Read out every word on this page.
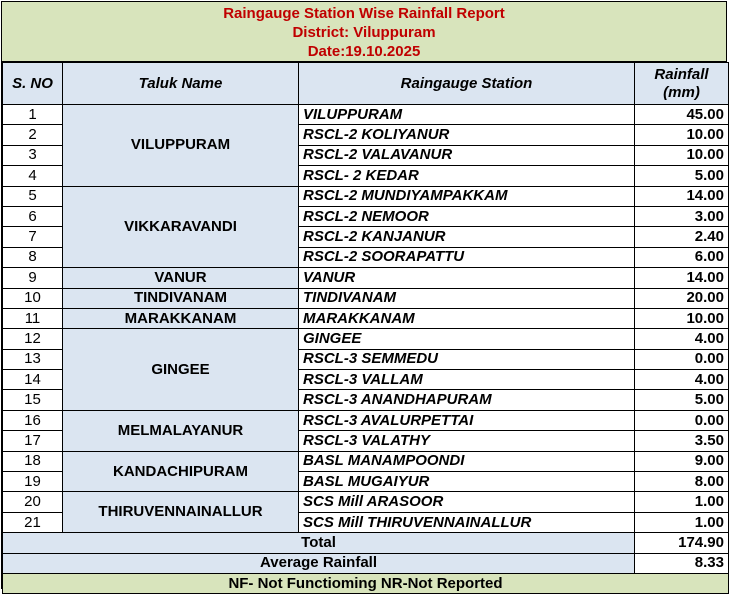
Raingauge Station Wise Rainfall Report
District: Viluppuram
Date:19.10.2025
S. NO	Taluk Name	Raingauge Station	Rainfall
(mm)
1	VILUPPURAM	VILUPPURAM	45.00
2		RSCL-2 KOLIYANUR	10.00
3		RSCL-2 VALAVANUR	10.00
4		RSCL- 2 KEDAR	5.00
5	VIKKARAVANDI	RSCL-2 MUNDIYAMPAKKAM	14.00
6		RSCL-2 NEMOOR	3.00
7		RSCL-2 KANJANUR	2.40
8		RSCL-2 SOORAPATTU	6.00
9	VANUR	VANUR	14.00
10	TINDIVANAM	TINDIVANAM	20.00
11	MARAKKANAM	MARAKKANAM	10.00
12	GINGEE	GINGEE	4.00
13		RSCL-3 SEMMEDU	0.00
14		RSCL-3 VALLAM	4.00
15		RSCL-3 ANANDHAPURAM	5.00
16	MELMALAYANUR	RSCL-3 AVALURPETTAI	0.00
17		RSCL-3 VALATHY	3.50
18	KANDACHIPURAM	BASL MANAMPOONDI	9.00
19		BASL MUGAIYUR	8.00
20	THIRUVENNAINALLUR	SCS Mill ARASOOR	1.00
21		SCS Mill THIRUVENNAINALLUR	1.00
Total			174.90
Average Rainfall			8.33
NF- Not Functioming NR-Not Reported			
